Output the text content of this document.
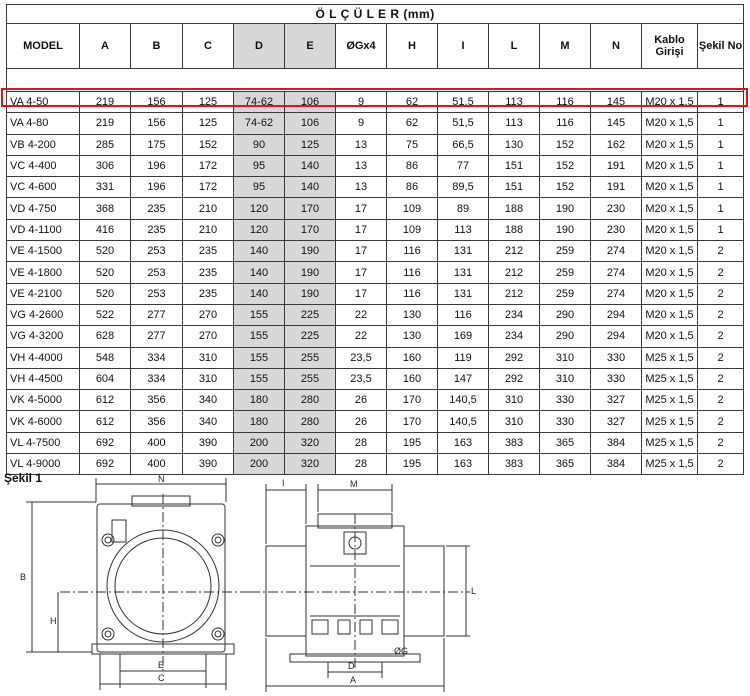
Ö L Ç Ü L E R (mm)													
MODEL	A	B	C	D	E	ØGx4	H	I	L	M	N	Kablo Girişi	Şekil No

VA 4-50	219	156	125	74-62	106	9	62	51,5	113	116	145	M20 x 1,5	1
VA 4-80	219	156	125	74-62	106	9	62	51,5	113	116	145	M20 x 1,5	1
VB 4-200	285	175	152	90	125	13	75	66,5	130	152	162	M20 x 1,5	1
VC 4-400	306	196	172	95	140	13	86	77	151	152	191	M20 x 1,5	1
VC 4-600	331	196	172	95	140	13	86	89,5	151	152	191	M20 x 1,5	1
VD 4-750	368	235	210	120	170	17	109	89	188	190	230	M20 x 1,5	1
VD 4-1100	416	235	210	120	170	17	109	113	188	190	230	M20 x 1,5	1
VE 4-1500	520	253	235	140	190	17	116	131	212	259	274	M20 x 1,5	2
VE 4-1800	520	253	235	140	190	17	116	131	212	259	274	M20 x 1,5	2
VE 4-2100	520	253	235	140	190	17	116	131	212	259	274	M20 x 1,5	2
VG 4-2600	522	277	270	155	225	22	130	116	234	290	294	M20 x 1,5	2
VG 4-3200	628	277	270	155	225	22	130	169	234	290	294	M20 x 1,5	2
VH 4-4000	548	334	310	155	255	23,5	160	119	292	310	330	M25 x 1,5	2
VH 4-4500	604	334	310	155	255	23,5	160	147	292	310	330	M25 x 1,5	2
VK 4-5000	612	356	340	180	280	26	170	140,5	310	330	327	M25 x 1,5	2
VK 4-6000	612	356	340	180	280	26	170	140,5	310	330	327	M25 x 1,5	2
VL 4-7500	692	400	390	200	320	28	195	163	383	365	384	M25 x 1,5	2
VL 4-9000	692	400	390	200	320	28	195	163	383	365	384	M25 x 1,5	2
Şekil 1	N
B
H
E
C
I	M
L
D
ØG
A
